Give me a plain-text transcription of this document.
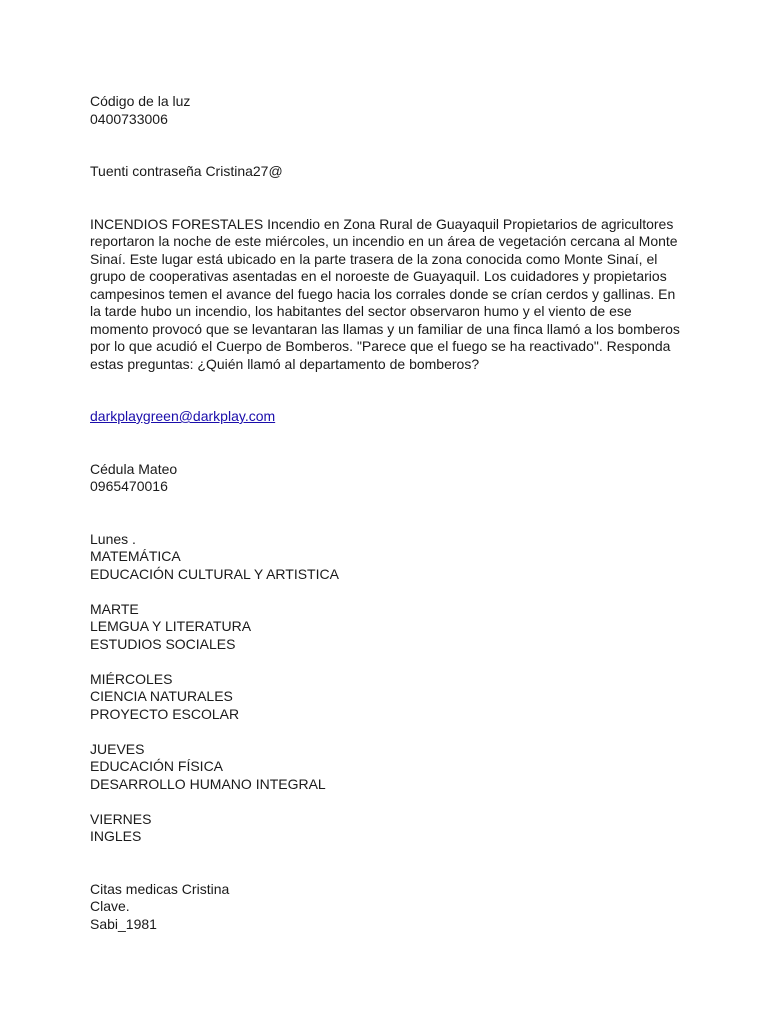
Código de la luz
0400733006
Tuenti contraseña Cristina27@
INCENDIOS FORESTALES Incendio en Zona Rural de Guayaquil Propietarios de agricultores reportaron la noche de este miércoles, un incendio en un área de vegetación cercana al Monte Sinaí. Este lugar está ubicado en la parte trasera de la zona conocida como Monte Sinaí, el grupo de cooperativas asentadas en el noroeste de Guayaquil. Los cuidadores y propietarios campesinos temen el avance del fuego hacia los corrales donde se crían cerdos y gallinas. En la tarde hubo un incendio, los habitantes del sector observaron humo y el viento de ese momento provocó que se levantaran las llamas y un familiar de una finca llamó a los bomberos por lo que acudió el Cuerpo de Bomberos. "Parece que el fuego se ha reactivado". Responda estas preguntas: ¿Quién llamó al departamento de bomberos?
darkplaygreen@darkplay.com
Cédula Mateo
0965470016
Lunes .
MATEMÁTICA
EDUCACIÓN CULTURAL Y ARTISTICA
MARTE
LEMGUA Y LITERATURA
ESTUDIOS SOCIALES
MIÉRCOLES
CIENCIA NATURALES
PROYECTO ESCOLAR
JUEVES
EDUCACIÓN FÍSICA
DESARROLLO HUMANO INTEGRAL
VIERNES
INGLES
Citas medicas Cristina
Clave.
Sabi_1981
